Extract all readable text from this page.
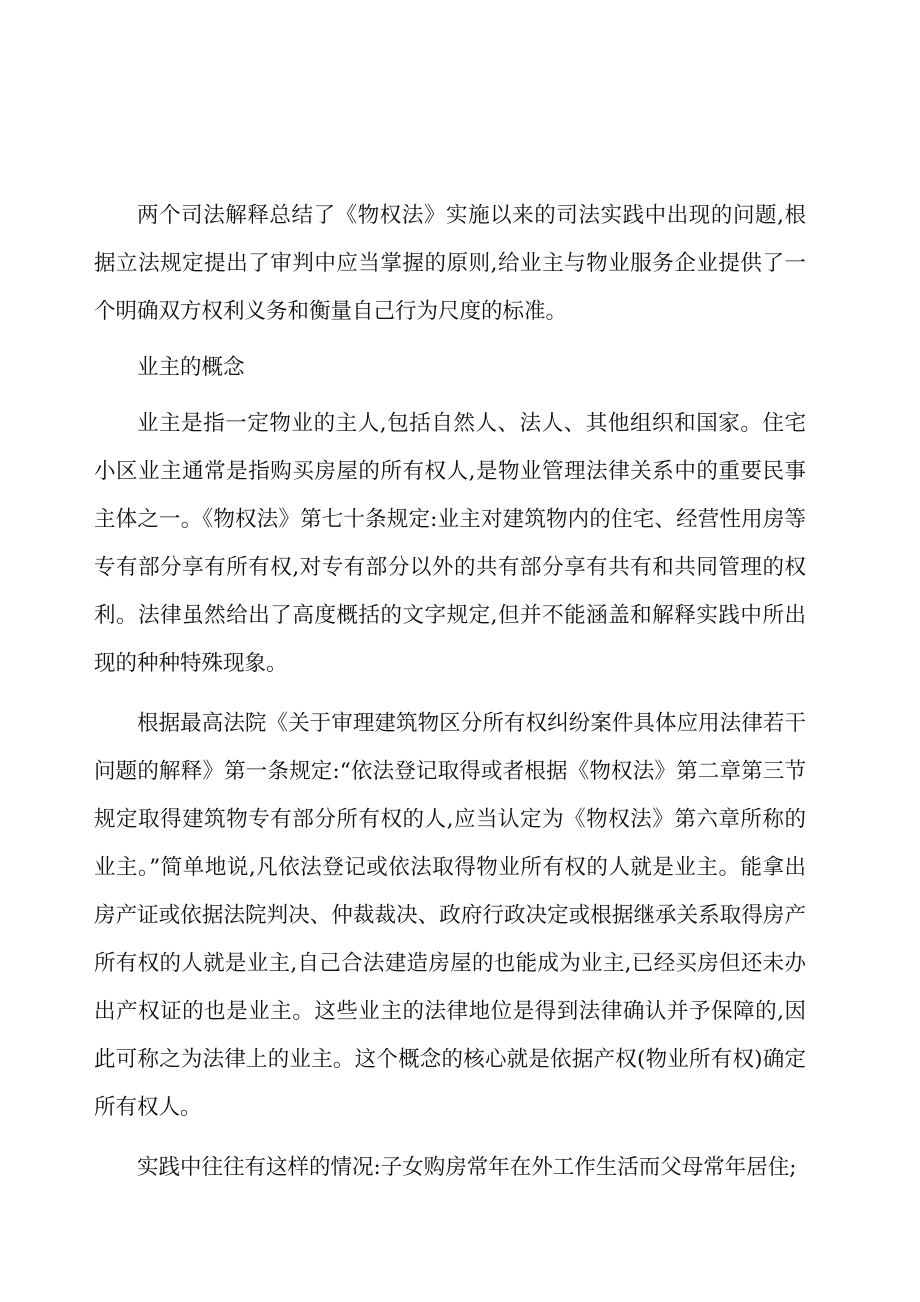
两个司法解释总结了《物权法》实施以来的司法实践中出现的问题,根据立法规定提出了审判中应当掌握的原则,给业主与物业服务企业提供了一个明确双方权利义务和衡量自己行为尺度的标准。

业主的概念

业主是指一定物业的主人,包括自然人、法人、其他组织和国家。住宅小区业主通常是指购买房屋的所有权人,是物业管理法律关系中的重要民事主体之一。《物权法》第七十条规定:业主对建筑物内的住宅、经营性用房等专有部分享有所有权,对专有部分以外的共有部分享有共有和共同管理的权利。法律虽然给出了高度概括的文字规定,但并不能涵盖和解释实践中所出现的种种特殊现象。

根据最高法院《关于审理建筑物区分所有权纠纷案件具体应用法律若干问题的解释》第一条规定:“依法登记取得或者根据《物权法》第二章第三节规定取得建筑物专有部分所有权的人,应当认定为《物权法》第六章所称的业主。”简单地说,凡依法登记或依法取得物业所有权的人就是业主。能拿出房产证或依据法院判决、仲裁裁决、政府行政决定或根据继承关系取得房产所有权的人就是业主,自己合法建造房屋的也能成为业主,已经买房但还未办出产权证的也是业主。这些业主的法律地位是得到法律确认并予保障的,因此可称之为法律上的业主。这个概念的核心就是依据产权(物业所有权)确定 所有权人。

实践中往往有这样的情况:子女购房常年在外工作生活而父母常年居住;
